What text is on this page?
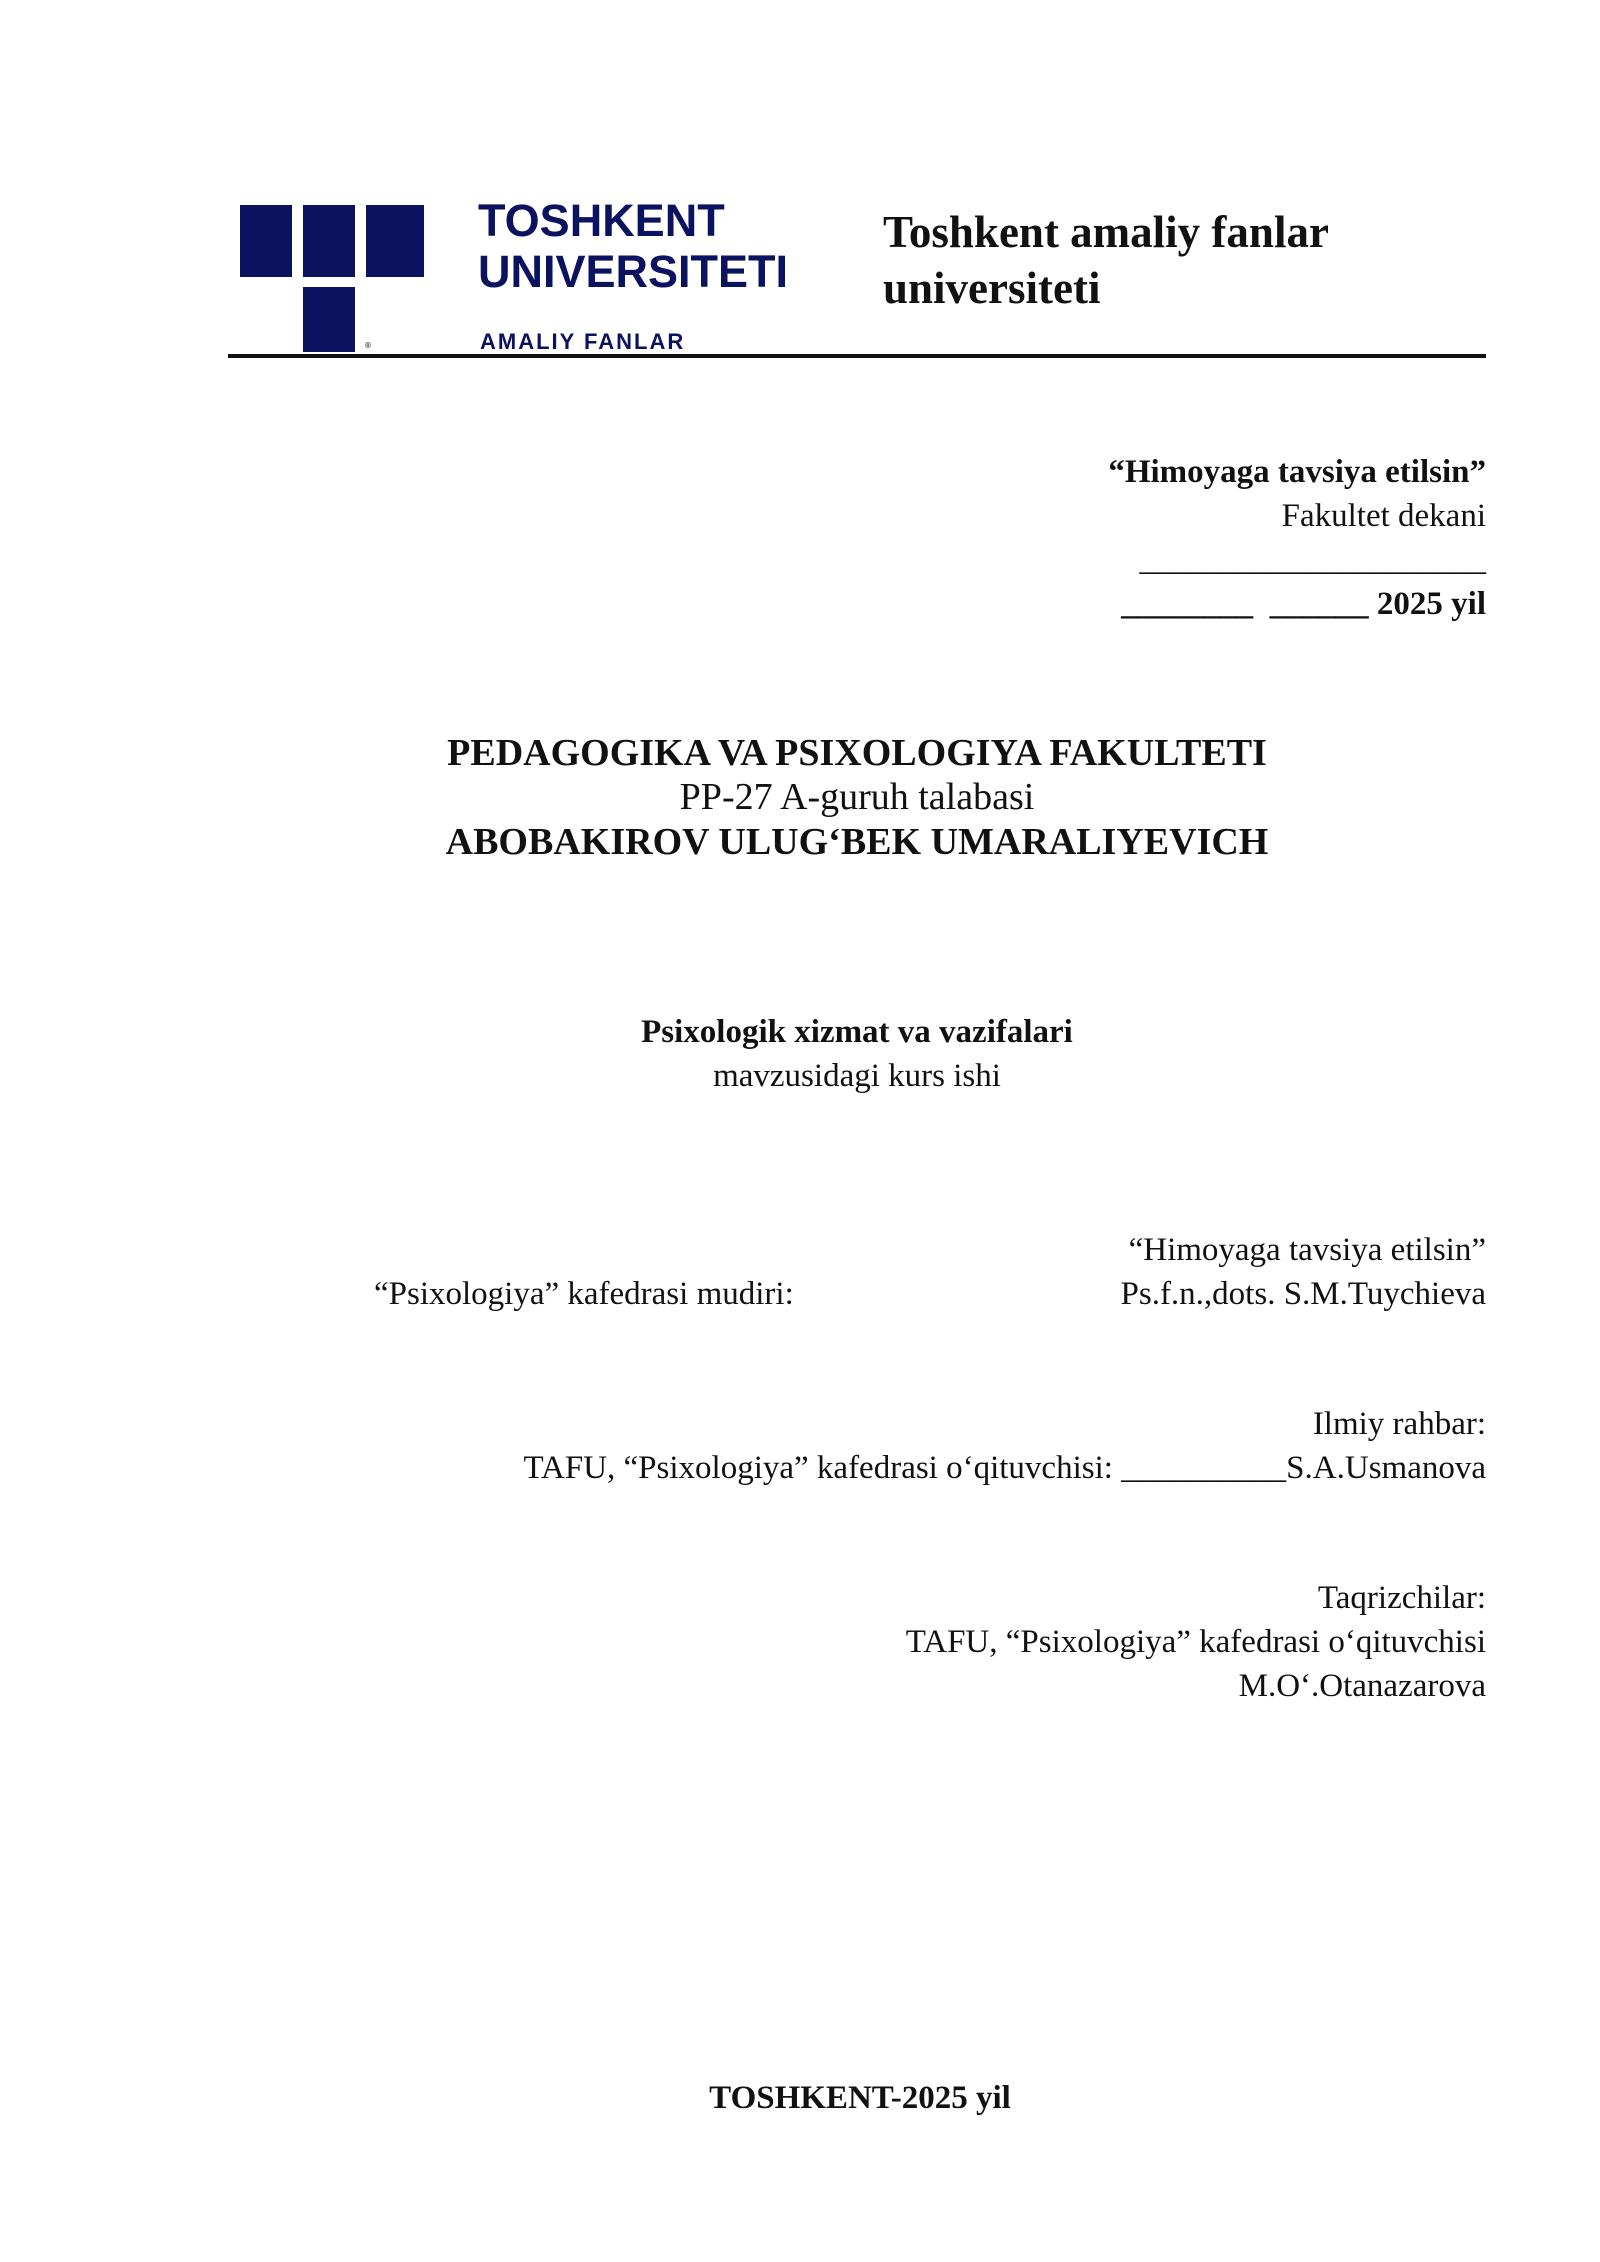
®
TOSHKENT
UNIVERSITETI
AMALIY FANLAR
Toshkent amaliy fanlar
universiteti
“Himoyaga tavsiya etilsin”
Fakultet dekani
_____________________
________  ______ 2025 yil
PEDAGOGIKA VA PSIXOLOGIYA FAKULTETI
PP-27 A-guruh talabasi
ABOBAKIROV ULUG‘BEK UMARALIYEVICH
Psixologik xizmat va vazifalari
mavzusidagi kurs ishi
“Himoyaga tavsiya etilsin”
Ps.f.n.,dots. S.M.Tuychieva
“Psixologiya” kafedrasi mudiri:
Ilmiy rahbar:
TAFU, “Psixologiya” kafedrasi o‘qituvchisi: __________S.A.Usmanova
Taqrizchilar:
TAFU, “Psixologiya” kafedrasi o‘qituvchisi
M.O‘.Otanazarova
TOSHKENT-2025 yil
